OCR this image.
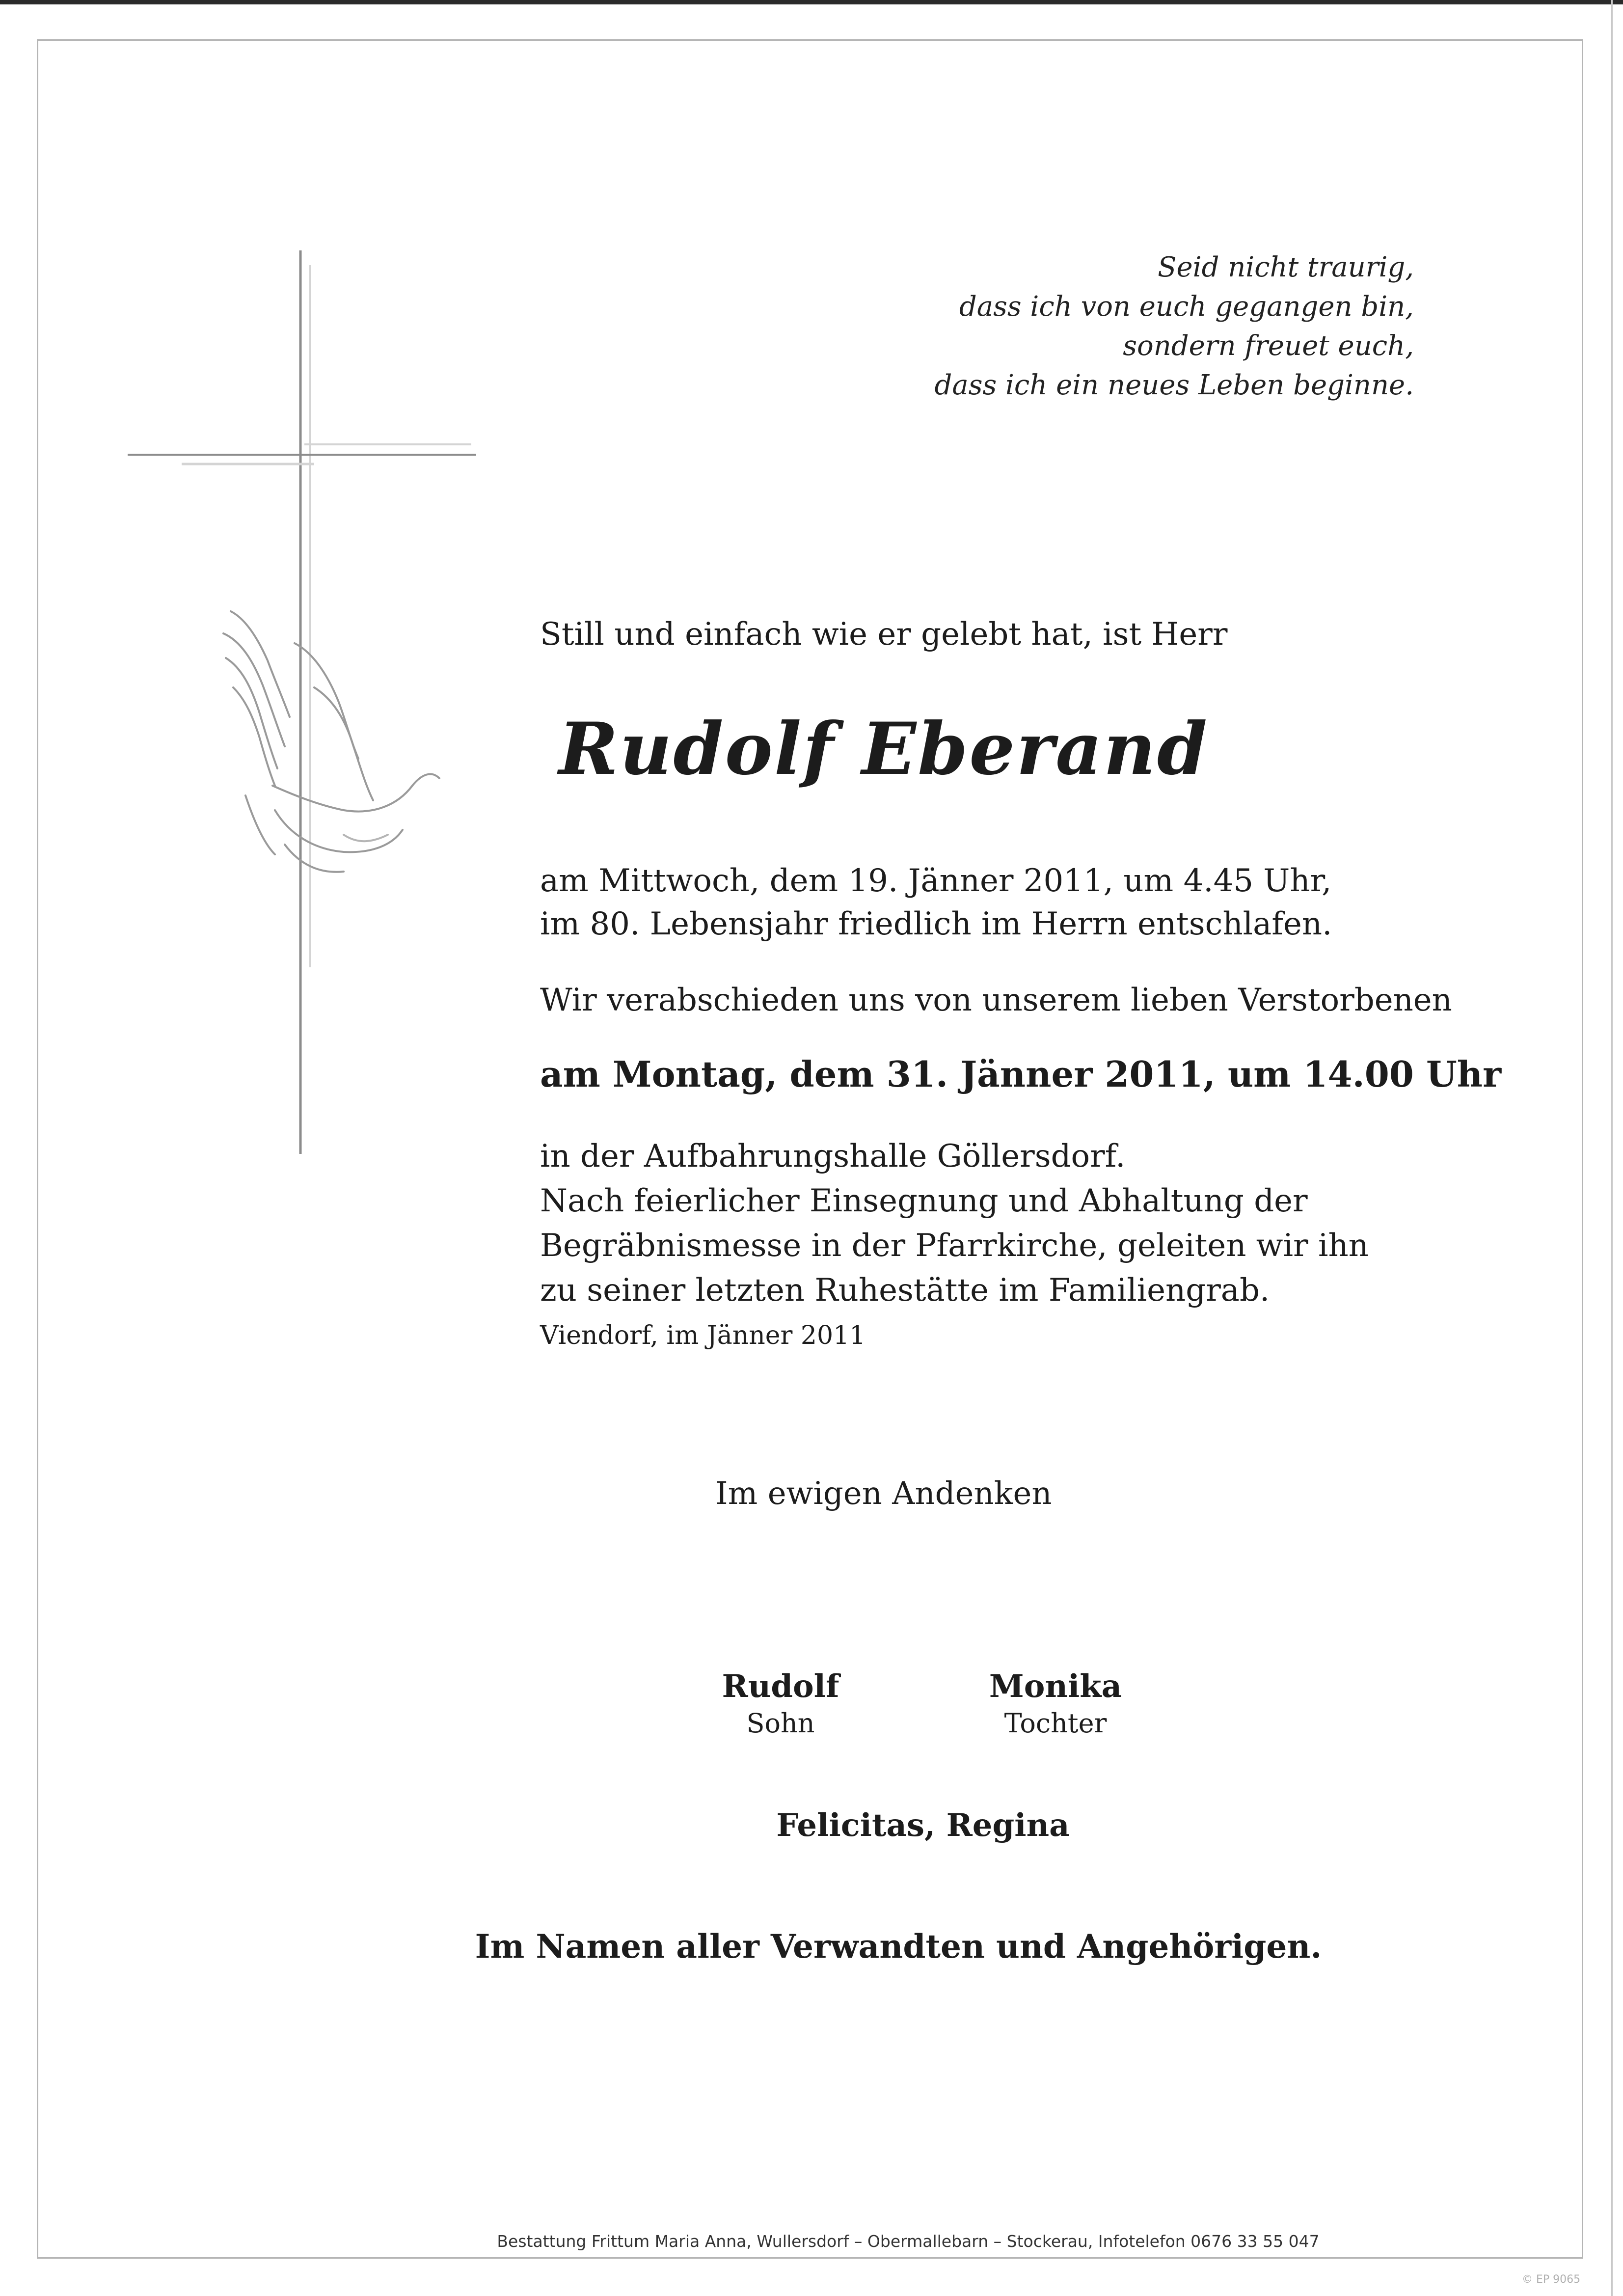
Seid nicht traurig,
dass ich von euch gegangen bin,
sondern freuet euch,
dass ich ein neues Leben beginne.
Still und einfach wie er gelebt hat, ist Herr
Rudolf Eberand
am Mittwoch, dem 19. Jänner 2011, um 4.45 Uhr,
im 80. Lebensjahr friedlich im Herrn entschlafen.
Wir verabschieden uns von unserem lieben Verstorbenen
am Montag, dem 31. Jänner 2011, um 14.00 Uhr
in der Aufbahrungshalle Göllersdorf.
Nach feierlicher Einsegnung und Abhaltung der
Begräbnismesse in der Pfarrkirche, geleiten wir ihn
zu seiner letzten Ruhestätte im Familiengrab.
Viendorf, im Jänner 2011
Im ewigen Andenken
Rudolf
Sohn
Monika
Tochter
Felicitas, Regina
Im Namen aller Verwandten und Angehörigen.
Bestattung Frittum Maria Anna, Wullersdorf – Obermallebarn – Stockerau, Infotelefon 0676 33 55 047
© EP 9065
